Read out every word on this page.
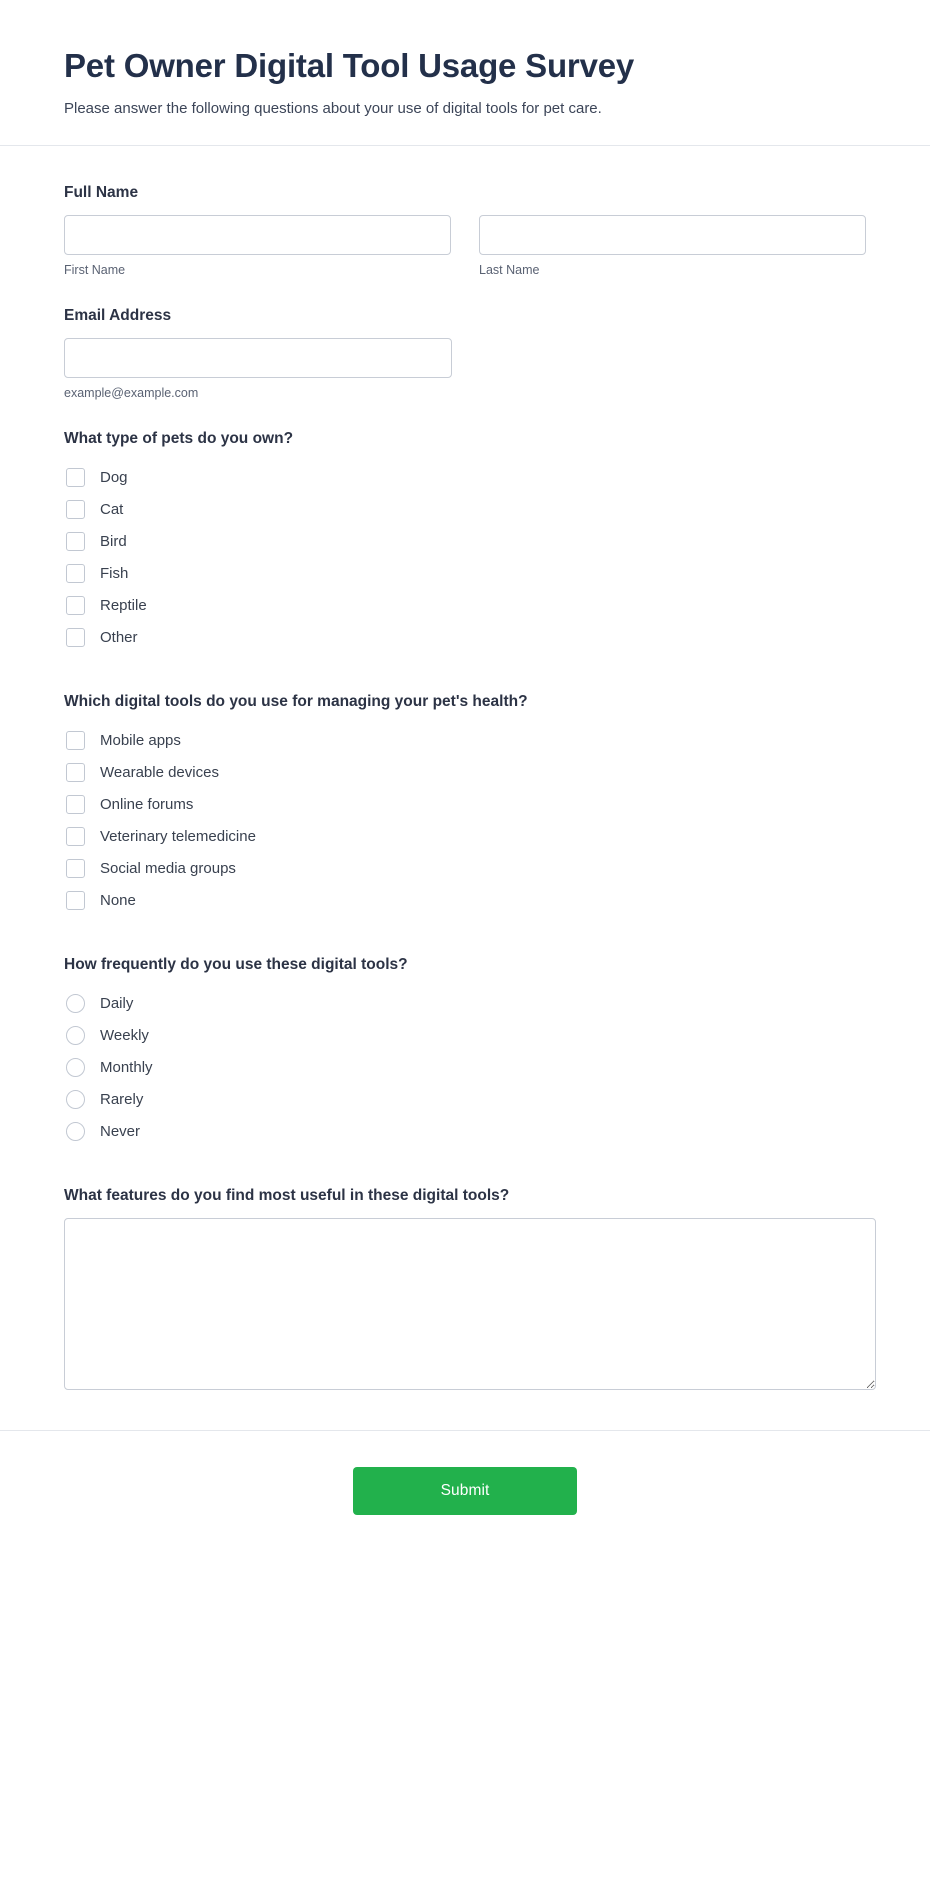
Pet Owner Digital Tool Usage Survey

Please answer the following questions about your use of digital tools for pet care.

Full Name
First Name	Last Name
Email Address
example@example.com
What type of pets do you own?
Dog
Cat
Bird
Fish
Reptile
Other
Which digital tools do you use for managing your pet's health?
Mobile apps
Wearable devices
Online forums
Veterinary telemedicine
Social media groups
None
How frequently do you use these digital tools?
Daily
Weekly
Monthly
Rarely
Never
What features do you find most useful in these digital tools?
Submit
